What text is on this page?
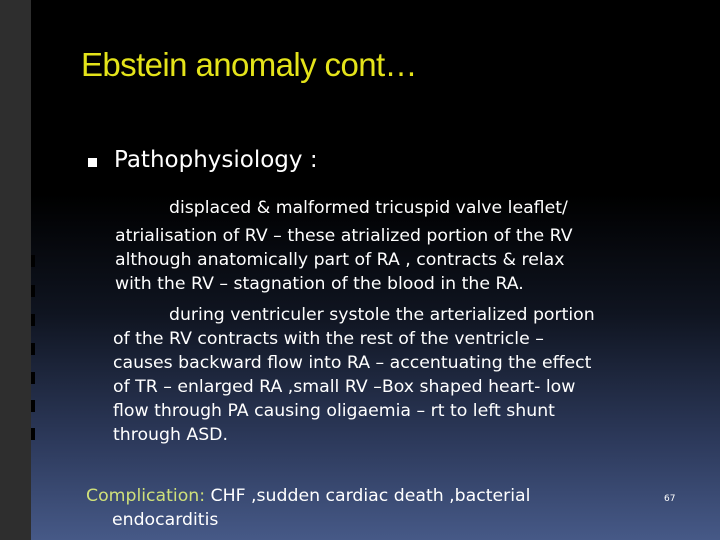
Ebstein anomaly cont…
Pathophysiology :
displaced & malformed tricuspid valve leaflet/
atrialisation of RV – these atrialized portion of the RV
although anatomically part of RA , contracts & relax
with the RV – stagnation of the blood in the RA.
during ventriculer systole the arterialized portion
of the RV contracts with the rest of the ventricle –
causes backward flow into RA – accentuating the effect
of TR – enlarged RA ,small RV –Box shaped heart- low
flow through PA causing oligaemia – rt to left shunt
through ASD.
Complication: CHF ,sudden cardiac death ,bacterial
endocarditis
67
